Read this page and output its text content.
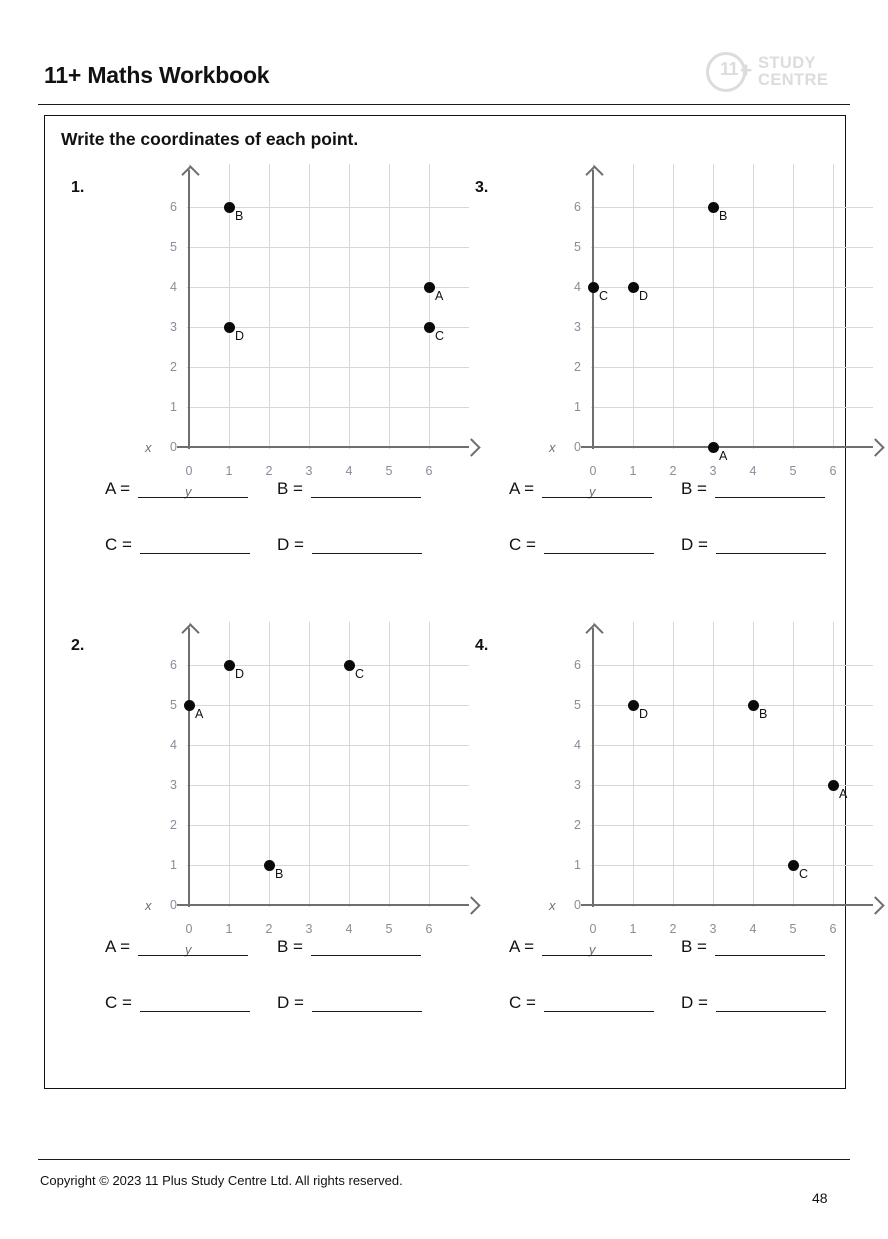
11+ Maths Workbook	11 + STUDY
CENTRE
Write the coordinates of each point.
1.
0
1
2
3
4
5
6
0	1	2	3	4	5	6
x
y
A
B
C
D
A =	B =
C =	D =
3.
0
1
2
3
4
5
6
0	1	2	3	4	5	6
x
y
A
B
C D
A =	B =
C =	D =
2.
0
1
2
3
4
5
6
0	1	2	3	4	5	6
x
y
A
B
C
D
A =	B =
C =	D =
4.
0
1
2
3
4
5
6
0	1	2	3	4	5	6
x
y
A
B
C
D
A =	B =
C =	D =
Copyright © 2023 11 Plus Study Centre Ltd. All rights reserved.
48
